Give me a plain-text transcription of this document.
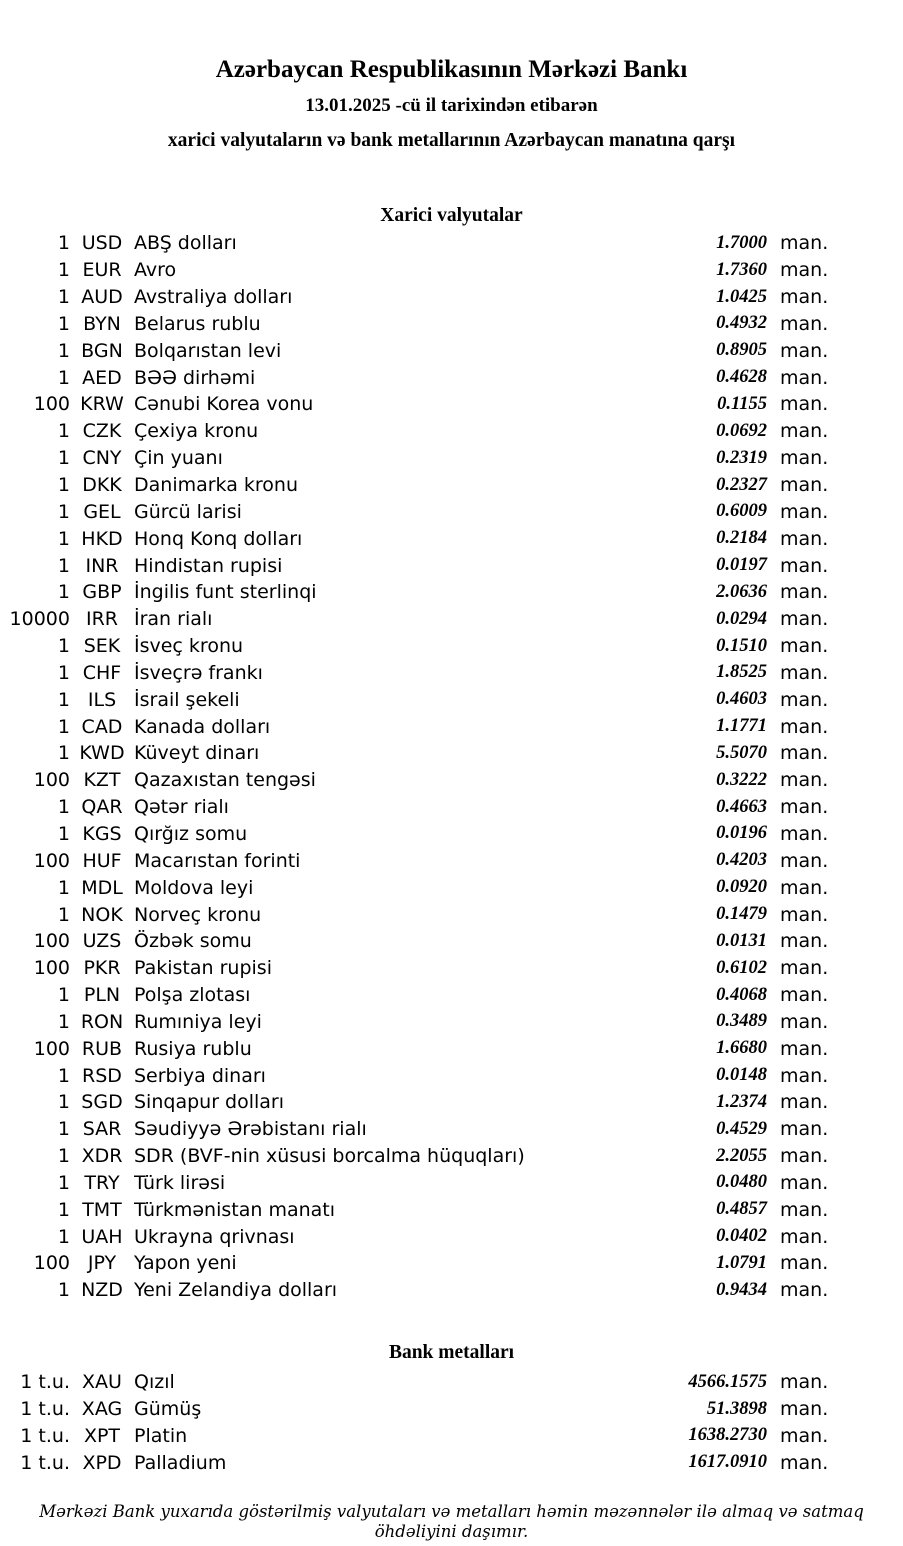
Azərbaycan Respublikasının Mərkəzi Bankı
13.01.2025 -cü il tarixindən etibarən
xarici valyutaların və bank metallarının Azərbaycan manatına qarşı
Xarici valyutalar
1 USD ABŞ dolları	1.7000 man.
1 EUR Avro	1.7360 man.
1 AUD Avstraliya dolları	1.0425 man.
1 BYN Belarus rublu	0.4932 man.
1 BGN Bolqarıstan levi	0.8905 man.
1 AED BƏƏ dirhəmi	0.4628 man.
100 KRW Cənubi Korea vonu	0.1155 man.
1 CZK Çexiya kronu	0.0692 man.
1 CNY Çin yuanı	0.2319 man.
1 DKK Danimarka kronu	0.2327 man.
1 GEL Gürcü larisi	0.6009 man.
1 HKD Honq Konq dolları	0.2184 man.
1 INR Hindistan rupisi	0.0197 man.
1 GBP İngilis funt sterlinqi	2.0636 man.
10000 IRR İran rialı	0.0294 man.
1 SEK İsveç kronu	0.1510 man.
1 CHF İsveçrə frankı	1.8525 man.
1 ILS İsrail şekeli	0.4603 man.
1 CAD Kanada dolları	1.1771 man.
1 KWD Küveyt dinarı	5.5070 man.
100 KZT Qazaxıstan tengəsi	0.3222 man.
1 QAR Qətər rialı	0.4663 man.
1 KGS Qırğız somu	0.0196 man.
100 HUF Macarıstan forinti	0.4203 man.
1 MDL Moldova leyi	0.0920 man.
1 NOK Norveç kronu	0.1479 man.
100 UZS Özbək somu	0.0131 man.
100 PKR Pakistan rupisi	0.6102 man.
1 PLN Polşa zlotası	0.4068 man.
1 RON Rumıniya leyi	0.3489 man.
100 RUB Rusiya rublu	1.6680 man.
1 RSD Serbiya dinarı	0.0148 man.
1 SGD Sinqapur dolları	1.2374 man.
1 SAR Səudiyyə Ərəbistanı rialı	0.4529 man.
1 XDR SDR (BVF-nin xüsusi borcalma hüquqları)	2.2055 man.
1 TRY Türk lirəsi	0.0480 man.
1 TMT Türkmənistan manatı	0.4857 man.
1 UAH Ukrayna qrivnası	0.0402 man.
100 JPY Yapon yeni	1.0791 man.
1 NZD Yeni Zelandiya dolları	0.9434 man.
Bank metalları
1 t.u. XAU Qızıl	4566.1575 man.
1 t.u. XAG Gümüş	51.3898 man.
1 t.u. XPT Platin	1638.2730 man.
1 t.u. XPD Palladium	1617.0910 man.
Mərkəzi Bank yuxarıda göstərilmiş valyutaları və metalları həmin məzənnələr ilə almaq və satmaq öhdəliyini daşımır.
